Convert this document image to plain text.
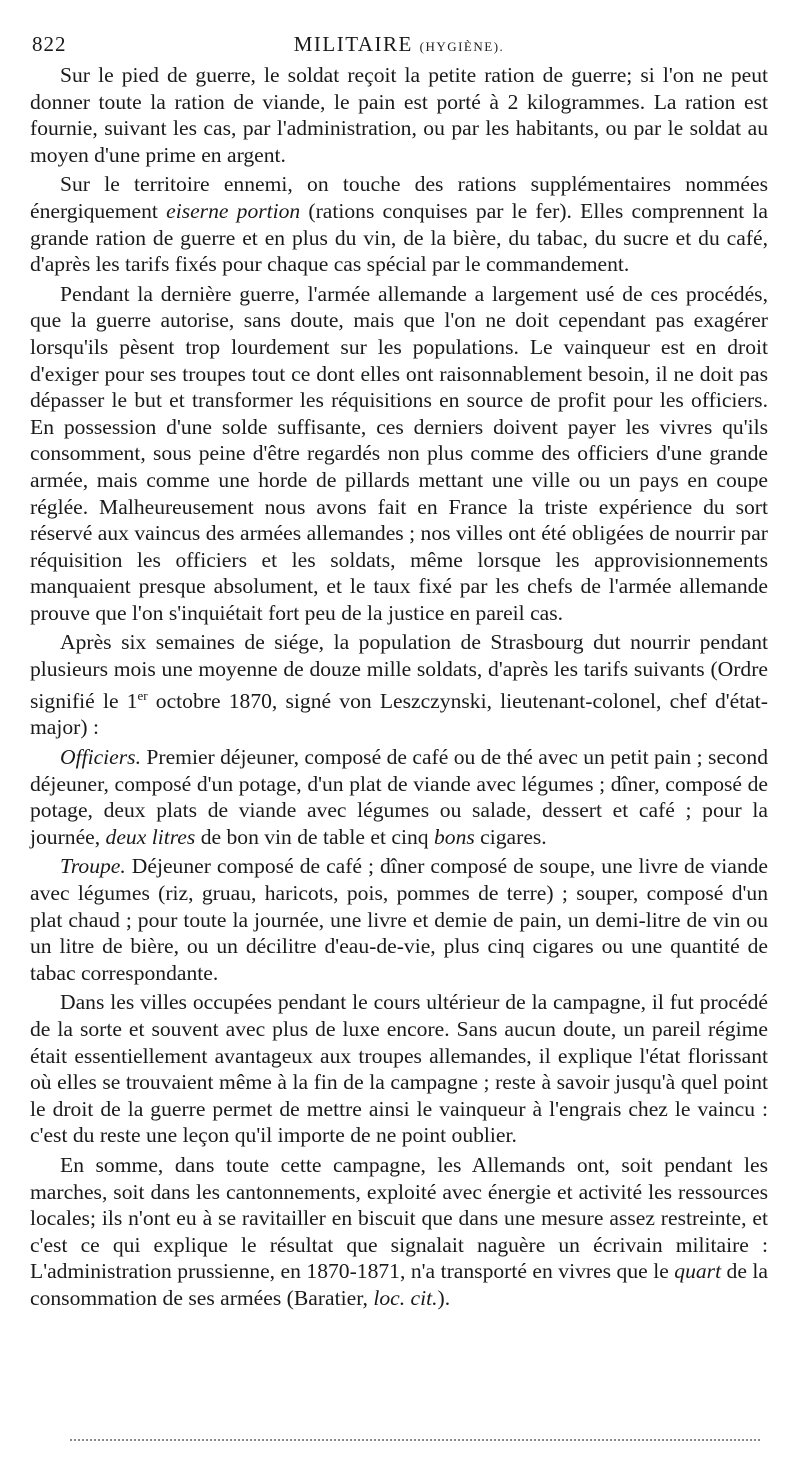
822	MILITAIRE (HYGIÈNE).

Sur le pied de guerre, le soldat reçoit la petite ration de guerre; si l'on ne peut donner toute la ration de viande, le pain est porté à 2 kilogrammes. La ration est fournie, suivant les cas, par l'administration, ou par les habitants, ou par le soldat au moyen d'une prime en argent.

Sur le territoire ennemi, on touche des rations supplémentaires nommées énergiquement eiserne portion (rations conquises par le fer). Elles comprennent la grande ration de guerre et en plus du vin, de la bière, du tabac, du sucre et du café, d'après les tarifs fixés pour chaque cas spécial par le commandement.

Pendant la dernière guerre, l'armée allemande a largement usé de ces procédés, que la guerre autorise, sans doute, mais que l'on ne doit cependant pas exagérer lorsqu'ils pèsent trop lourdement sur les populations. Le vainqueur est en droit d'exiger pour ses troupes tout ce dont elles ont raisonnablement besoin, il ne doit pas dépasser le but et transformer les réquisitions en source de profit pour les officiers. En possession d'une solde suffisante, ces derniers doivent payer les vivres qu'ils consomment, sous peine d'être regardés non plus comme des officiers d'une grande armée, mais comme une horde de pillards mettant une ville ou un pays en coupe réglée. Malheureusement nous avons fait en France la triste expérience du sort réservé aux vaincus des armées allemandes ; nos villes ont été obligées de nourrir par réquisition les officiers et les soldats, même lorsque les approvisionnements manquaient presque absolument, et le taux fixé par les chefs de l'armée allemande prouve que l'on s'inquiétait fort peu de la justice en pareil cas.

Après six semaines de siége, la population de Strasbourg dut nourrir pendant plusieurs mois une moyenne de douze mille soldats, d'après les tarifs suivants (Ordre signifié le 1er octobre 1870, signé von Leszczynski, lieutenant-colonel, chef d'état-major) :

Officiers. Premier déjeuner, composé de café ou de thé avec un petit pain ; second déjeuner, composé d'un potage, d'un plat de viande avec légumes ; dîner, composé de potage, deux plats de viande avec légumes ou salade, dessert et café ; pour la journée, deux litres de bon vin de table et cinq bons cigares.

Troupe. Déjeuner composé de café ; dîner composé de soupe, une livre de viande avec légumes (riz, gruau, haricots, pois, pommes de terre) ; souper, composé d'un plat chaud ; pour toute la journée, une livre et demie de pain, un demi-litre de vin ou un litre de bière, ou un décilitre d'eau-de-vie, plus cinq cigares ou une quantité de tabac correspondante.

Dans les villes occupées pendant le cours ultérieur de la campagne, il fut procédé de la sorte et souvent avec plus de luxe encore. Sans aucun doute, un pareil régime était essentiellement avantageux aux troupes allemandes, il explique l'état florissant où elles se trouvaient même à la fin de la campagne ; reste à savoir jusqu'à quel point le droit de la guerre permet de mettre ainsi le vainqueur à l'engrais chez le vaincu : c'est du reste une leçon qu'il importe de ne point oublier.

En somme, dans toute cette campagne, les Allemands ont, soit pendant les marches, soit dans les cantonnements, exploité avec énergie et activité les ressources locales; ils n'ont eu à se ravitailler en biscuit que dans une mesure assez restreinte, et c'est ce qui explique le résultat que signalait naguère un écrivain militaire : L'administration prussienne, en 1870-1871, n'a transporté en vivres que le quart de la consommation de ses armées (Baratier, loc. cit.).
